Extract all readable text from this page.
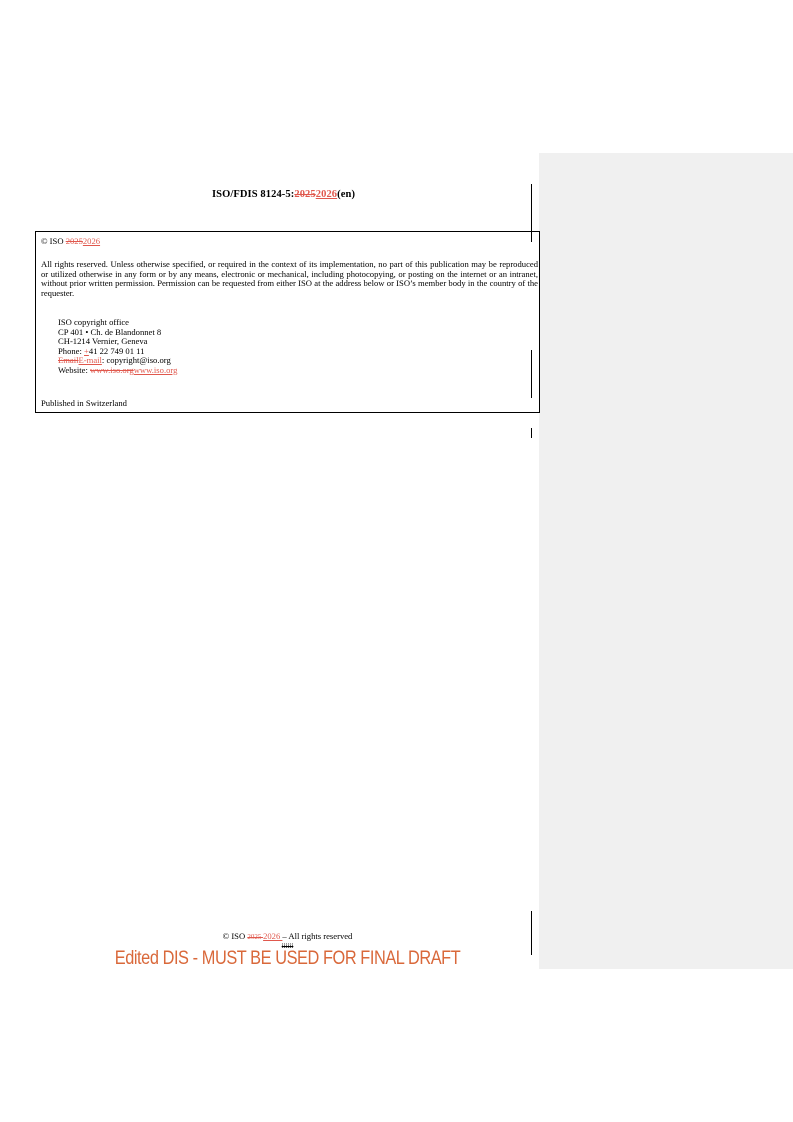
ISO/FDIS 8124-5:20252026(en)
© ISO 20252026
All rights reserved. Unless otherwise specified, or required in the context of its implementation, no part of this publication may be reproduced or utilized otherwise in any form or by any means, electronic or mechanical, including photocopying, or posting on the internet or an intranet, without prior written permission. Permission can be requested from either ISO at the address below or ISO’s member body in the country of the requester.
ISO copyright office
CP 401 • Ch. de Blandonnet 8
CH-1214 Vernier, Geneva
Phone: +41 22 749 01 11
EmailE-mail: copyright@iso.org
Website: www.iso.orgwww.iso.org
Published in Switzerland
© ISO 2025 2026 – All rights reserved
iiiiii
Edited DIS - MUST BE USED FOR FINAL DRAFT
